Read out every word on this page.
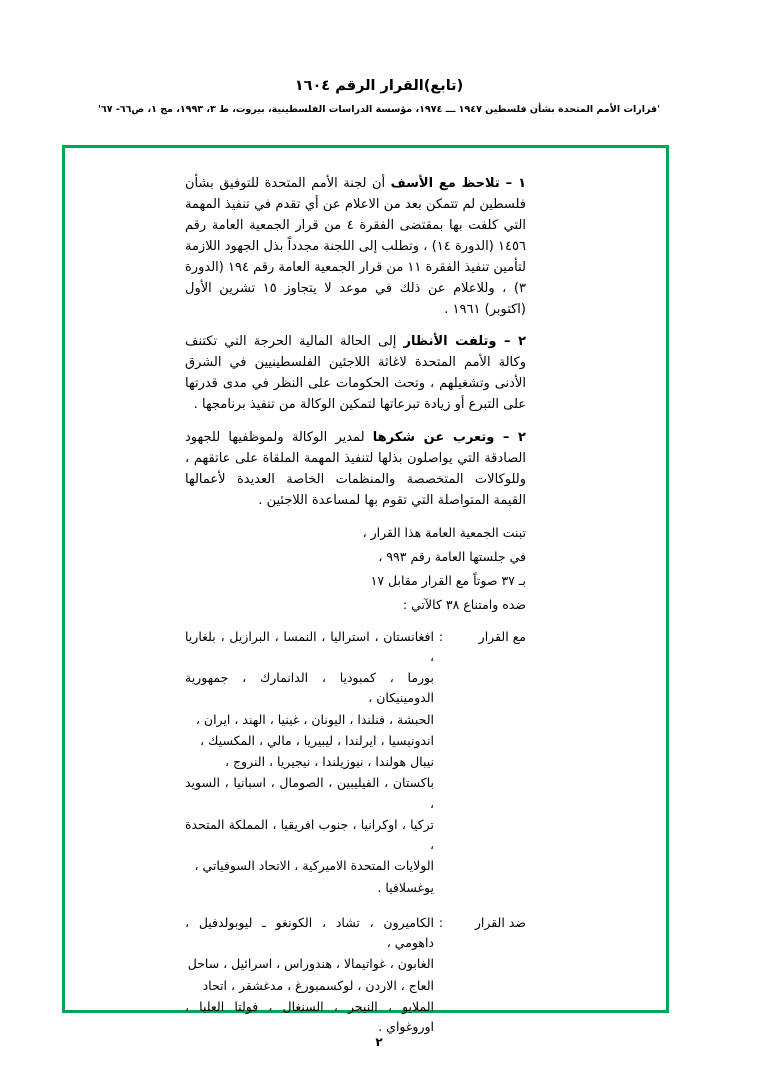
(تابع)القرار الرقم ١٦٠٤
'قرارات الأمم المتحدة بشأن فلسطين ١٩٤٧ ـــ ١٩٧٤، مؤسسة الدراسات الفلسطينية، بيروت، ط ٣، ١٩٩٣، مج ١، ص٦٦- ٦٧'

١ – تلاحظ مع الأسف أن لجنة الأمم المتحدة للتوفيق بشأن فلسطين لم تتمكن بعد من الاعلام عن أي تقدم في تنفيذ المهمة التي كلفت بها بمقتضى الفقرة ٤ من قرار الجمعية العامة رقم ١٤٥٦ (الدورة ١٤) ، وتطلب إلى اللجنة مجدداً بذل الجهود اللازمة لتأمين تنفيذ الفقرة ١١ من قرار الجمعية العامة رقم ١٩٤ (الدورة ٣) ، وللاعلام عن ذلك في موعد لا يتجاوز ١٥ تشرين الأول (اكتوبر) ١٩٦١ .

٢ – وتلفت الأنظار إلى الحالة المالية الحرجة التي تكتنف وكالة الأمم المتحدة لاغاثة اللاجئين الفلسطينيين في الشرق الأدنى وتشغيلهم ، وتحث الحكومات على النظر في مدى قدرتها على التبرع أو زيادة تبرعاتها لتمكين الوكالة من تنفيذ برنامجها .

٢ – وتعرب عن شكرها لمدير الوكالة ولموظفيها للجهود الصادقة التي يواصلون بذلها لتنفيذ المهمة الملقاة على عاتقهم ، وللوكالات المتخصصة والمنظمات الخاصة العديدة لأعمالها القيمة المتواصلة التي تقوم بها لمساعدة اللاجئين .

تبنت الجمعية العامة هذا القرار ،

في جلستها العامة رقم ٩٩٣ ،

بـ ٣٧ صوتاً مع القرار مقابل ١٧

ضده وامتناع ٣٨ كالآتي :

مع القرار
:
افغانستان ، استراليا ، النمسا ، البرازيل ، بلغاريا ،
بورما ، كمبوديا ، الدانمارك ، جمهورية الدومينيكان ،
الحبشة ، فنلندا ، اليونان ، غينيا ، الهند ، ايران ،
اندونيسيا ، ايرلندا ، ليبيريا ، مالي ، المكسيك ،
نيبال هولندا ، نيوزيلندا ، نيجيريا ، النروج ،
باكستان ، الفيليبين ، الصومال ، اسبانيا ، السويد ،
تركيا ، اوكرانيا ، جنوب افريقيا ، المملكة المتحدة ،
الولايات المتحدة الاميركية ، الاتحاد السوفياتي ،
يوغسلافيا .
ضد القرار
:
الكاميرون ، تشاد ، الكونغو ـ ليوبولدفيل ، داهومي ،
الغابون ، غواتيمالا ، هندوراس ، اسرائيل ، ساحل
العاج ، الاردن ، لوكسمبورغ ، مدغشقر ، اتحاد
الملايو ، النيجر ، السنغال ، فولتا العليا ، اوروغواي .
٢
